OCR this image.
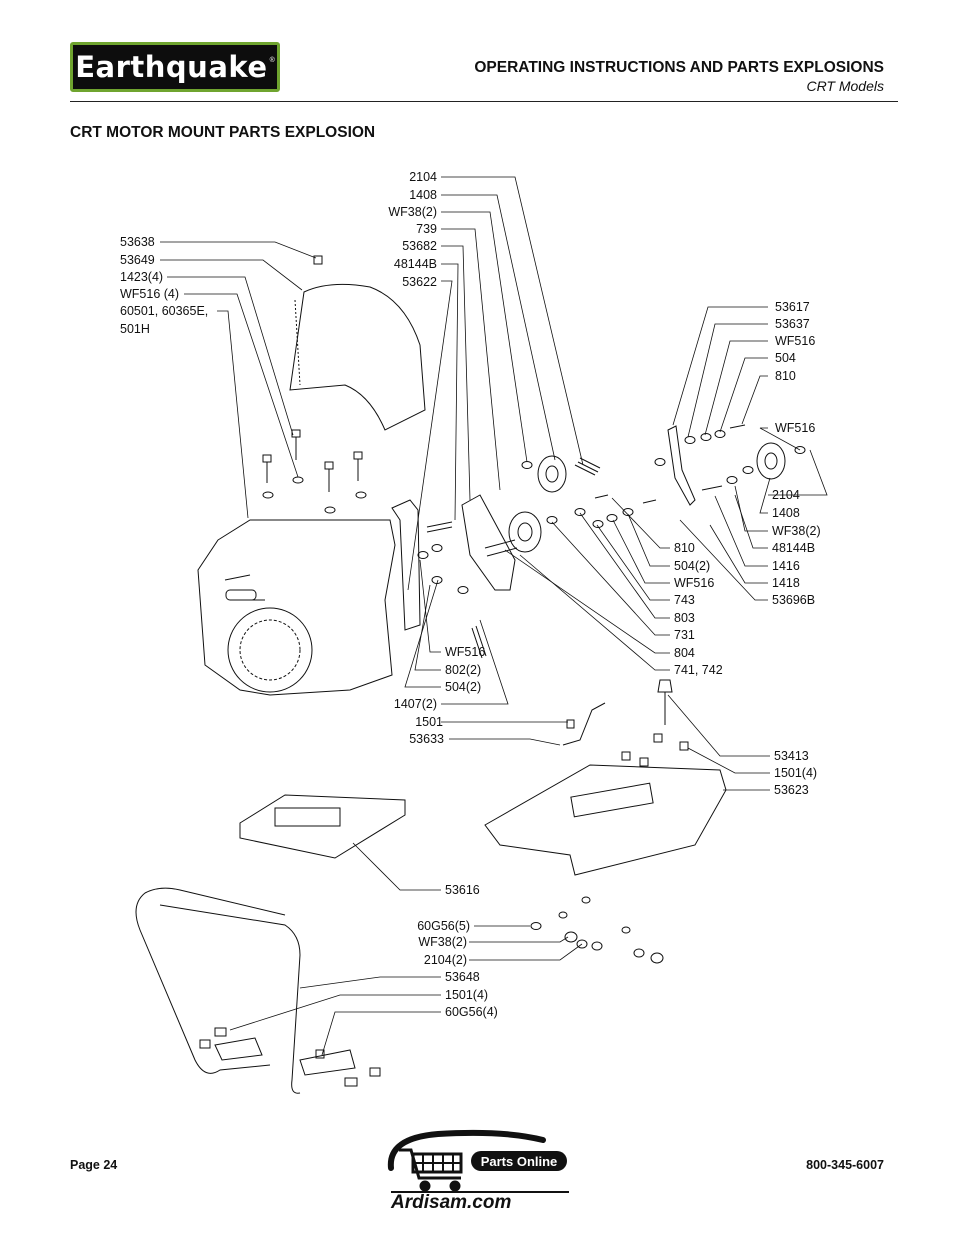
Earthquake ®	OPERATING INSTRUCTIONS AND PARTS EXPLOSIONS
CRT Models
CRT MOTOR MOUNT PARTS EXPLOSION
2104
1408
WF38(2)
739
53682
48144B
53622
53638
53649
1423(4)
WF516 (4)
60501, 60365E,
501H
53617
53637
WF516
504
810
WF516
2104
1408
WF38(2)
48144B
1416
1418
53696B
810
504(2)
WF516
743
803
731
804
741, 742
WF516
802(2)
504(2)
1407(2)
1501
53633
53413
1501(4)
53623
53616
60G56(5)
WF38(2)
2104(2)
53648
1501(4)
60G56(4)
Page 24	800-345-6007
Parts Online
Ardisam.com
